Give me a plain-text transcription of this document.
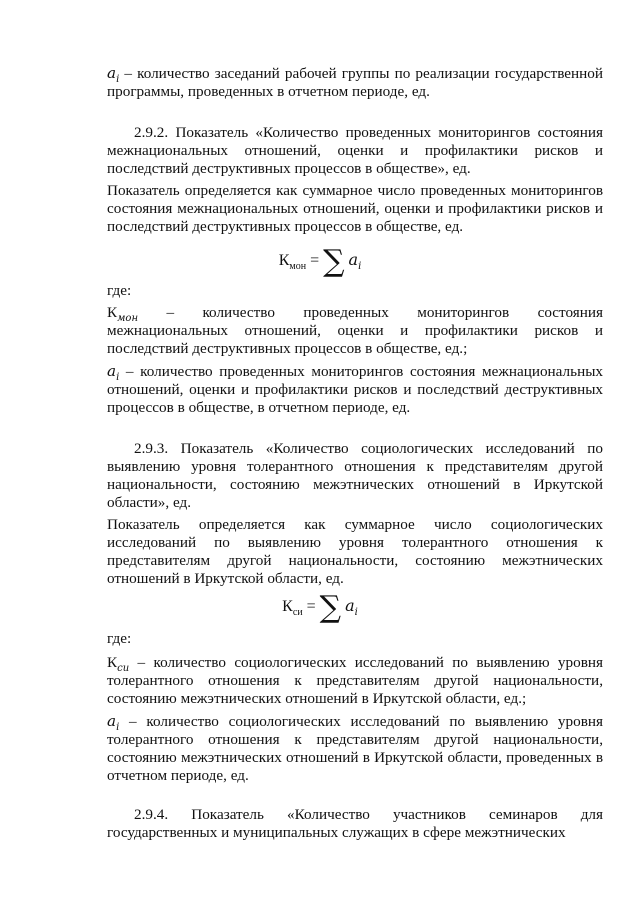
$a_i$ – количество заседаний рабочей группы по реализации государственной программы, проведенных в отчетном периоде, ед.

2.9.2. Показатель «Количество проведенных мониторингов состояния межнациональных отношений, оценки и профилактики рисков и последствий деструктивных процессов в обществе», ед.

Показатель определяется как суммарное число проведенных мониторингов состояния межнациональных отношений, оценки и профилактики рисков и последствий деструктивных процессов в обществе, ед.

$К_{мон}$ = ∑ $a_i$

где:

$К_{мон}$ – количество проведенных мониторингов состояния межнациональных отношений, оценки и профилактики рисков и последствий деструктивных процессов в обществе, ед.;

$a_i$ – количество проведенных мониторингов состояния межнациональных отношений, оценки и профилактики рисков и последствий деструктивных процессов в обществе, в отчетном периоде, ед.

2.9.3. Показатель «Количество социологических исследований по выявлению уровня толерантного отношения к представителям другой национальности, состоянию межэтнических отношений в Иркутской области», ед.

Показатель определяется как суммарное число социологических исследований по выявлению уровня толерантного отношения к представителям другой национальности, состоянию межэтнических отношений в Иркутской области, ед.

$К_{си}$ = ∑ $a_i$

где:

$К_{си}$ – количество социологических исследований по выявлению уровня толерантного отношения к представителям другой национальности, состоянию межэтнических отношений в Иркутской области, ед.;

$a_i$ – количество социологических исследований по выявлению уровня толерантного отношения к представителям другой национальности, состоянию межэтнических отношений в Иркутской области, проведенных в отчетном периоде, ед.

2.9.4. Показатель «Количество участников семинаров для государственных и муниципальных служащих в сфере межэтнических
